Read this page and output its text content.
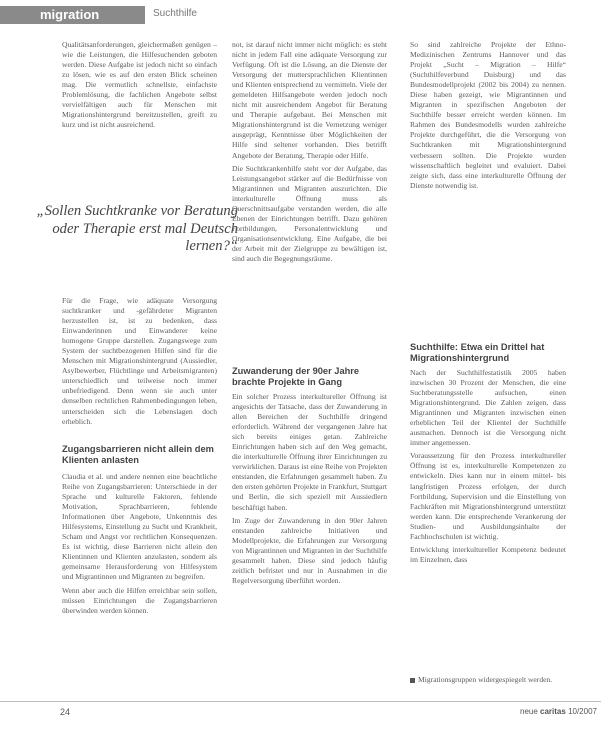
migration	Suchthilfe

Qualitätsanforderungen, gleichermaßen genügen – wie die Leistungen, die Hilfesuchenden geboten werden. Diese Aufgabe ist jedoch nicht so einfach zu lösen, wie es auf den ersten Blick scheinen mag. Die vermutlich schnellste, einfachste Problemlösung, die fachlichen Angebote selbst vervielfältigen auch für Menschen mit Migrationshintergrund bereitzustellen, greift zu kurz und ist nicht ausreichend.

„Sollen Suchtkranke vor Beratung oder Therapie erst mal Deutsch lernen?“

Für die Frage, wie adäquate Versorgung suchtkranker und -gefährdeter Migranten herzustellen ist, ist zu bedenken, dass Einwanderinnen und Einwanderer keine homogene Gruppe darstellen. Zugangswege zum System der suchtbezogenen Hilfen sind für die Menschen mit Migrationshintergrund (Aussiedler, Asylbewerber, Flüchtlinge und Arbeitsmigranten) unterschiedlich und teilweise noch immer unbefriedigend. Denn wenn sie auch unter denselben rechtlichen Rahmenbedingungen leben, unterscheiden sich die Lebenslagen doch erheblich.

Zugangsbarrieren nicht allein dem Klienten anlasten

Claudia et al. und andere nennen eine beachtliche Reihe von Zugangsbarrieren: Unterschiede in der Sprache und kulturelle Faktoren, fehlende Motivation, Sprachbarrieren, fehlende Informationen über Angebote, Unkenntnis des Hilfesystems, Einstellung zu Sucht und Krankheit, Scham und Angst vor rechtlichen Konsequenzen. Es ist wichtig, diese Barrieren nicht allein den Klientinnen und Klienten anzulasten, sondern als gemeinsame Herausforderung von Hilfesystem und Migrantinnen und Migranten zu begreifen.

Wenn aber auch die Hilfen erreichbar sein sollen, müssen Einrichtungen die Zugangsbarrieren überwinden werden können.

not, ist darauf nicht immer nicht möglich: es steht nicht in jedem Fall eine adäquate Versorgung zur Verfügung. Oft ist die Lösung, an die Dienste der Versorgung der muttersprachlichen Klientinnen und Klienten entsprechend zu vermitteln. Viele der gemeldeten Hilfsangebote werden jedoch noch nicht mit ausreichendem Angebot für Beratung und Therapie aufgebaut. Bei Menschen mit Migrationshintergrund ist die Vernetzung weniger ausgeprägt, Kenntnisse über Möglichkeiten der Hilfe sind seltener vorhanden. Dies betrifft Angebote der Beratung, Therapie oder Hilfe.

Die Suchtkrankenhilfe steht vor der Aufgabe, das Leistungsangebot stärker auf die Bedürfnisse von Migrantinnen und Migranten auszurichten. Die interkulturelle Öffnung muss als Querschnittsaufgabe verstanden werden, die alle Ebenen der Einrichtungen betrifft. Dazu gehören Fortbildungen, Personalentwicklung und Organisationsentwicklung. Eine Aufgabe, die bei der Arbeit mit der Zielgruppe zu bewältigen ist, sind auch die Begegnungsräume.

Zuwanderung der 90er Jahre brachte Projekte in Gang

Ein solcher Prozess interkultureller Öffnung ist angesichts der Tatsache, dass der Zuwanderung in allen Bereichen der Suchthilfe dringend erforderlich. Während der vergangenen Jahre hat sich bereits einiges getan. Zahlreiche Einrichtungen haben sich auf den Weg gemacht, die interkulturelle Öffnung ihrer Einrichtungen zu verwirklichen. Daraus ist eine Reihe von Projekten entstanden, die Erfahrungen gesammelt haben. Zu den ersten gehörten Projekte in Frankfurt, Stuttgart und Berlin, die sich speziell mit Aussiedlern beschäftigt haben.

Im Zuge der Zuwanderung in den 90er Jahren entstanden zahlreiche Initiativen und Modellprojekte, die Erfahrungen zur Versorgung von Migrantinnen und Migranten in der Suchthilfe gesammelt haben. Diese sind jedoch häufig zeitlich befristet und nur in Ausnahmen in die Regelversorgung überführt worden.

So sind zahlreiche Projekte der Ethno-Medizinischen Zentrums Hannover und das Projekt „Sucht – Migration – Hilfe“ (Suchthilfeverbund Duisburg) und das Bundesmodellprojekt (2002 bis 2004) zu nennen. Diese haben gezeigt, wie Migrantinnen und Migranten in spezifischen Angeboten der Suchthilfe besser erreicht werden können. Im Rahmen des Bundesmodells wurden zahlreiche Projekte durchgeführt, die die Versorgung von Suchtkranken mit Migrationshintergrund verbessern sollten. Die Projekte wurden wissenschaftlich begleitet und evaluiert. Dabei zeigte sich, dass eine interkulturelle Öffnung der Dienste notwendig ist.

Suchthilfe: Etwa ein Drittel hat Migrationshintergrund

Nach der Suchthilfestatistik 2005 haben inzwischen 30 Prozent der Menschen, die eine Suchtberatungsstelle aufsuchen, einen Migrationshintergrund. Die Zahlen zeigen, dass Migrantinnen und Migranten inzwischen einen erheblichen Teil der Klientel der Suchthilfe ausmachen. Dennoch ist die Versorgung nicht immer angemessen.

Voraussetzung für den Prozess interkultureller Öffnung ist es, interkulturelle Kompetenzen zu entwickeln. Dies kann nur in einem mittel- bis langfristigen Prozess erfolgen, der durch Fortbildung, Supervision und die Einstellung von Fachkräften mit Migrationshintergrund unterstützt werden kann. Die entsprechende Verankerung der Studien- und Ausbildungsinhalte der Fachhochschulen ist wichtig.

Entwicklung interkultureller Kompetenz bedeutet im Einzelnen, dass

Migrationsgruppen widergespiegelt werden.
24	neue caritas 10/2007
